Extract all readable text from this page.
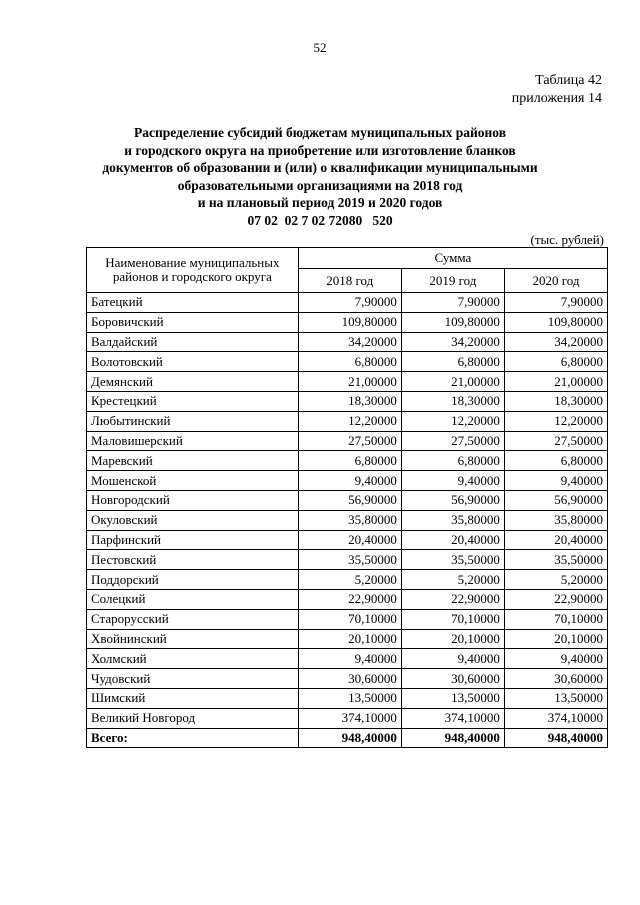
52
Таблица 42
приложения 14
Распределение субсидий бюджетам муниципальных районов
и городского округа на приобретение или изготовление бланков
документов об образовании и (или) о квалификации муниципальными
образовательными организациями на 2018 год
и на плановый период 2019 и 2020 годов
07 02  02 7 02 72080   520
(тыс. рублей)
Наименование муниципальных районов и городского округа	Сумма		
	2018 год	2019 год	2020 год
Батецкий	7,90000	7,90000	7,90000
Боровичский	109,80000	109,80000	109,80000
Валдайский	34,20000	34,20000	34,20000
Волотовский	6,80000	6,80000	6,80000
Демянский	21,00000	21,00000	21,00000
Крестецкий	18,30000	18,30000	18,30000
Любытинский	12,20000	12,20000	12,20000
Маловишерский	27,50000	27,50000	27,50000
Маревский	6,80000	6,80000	6,80000
Мошенской	9,40000	9,40000	9,40000
Новгородский	56,90000	56,90000	56,90000
Окуловский	35,80000	35,80000	35,80000
Парфинский	20,40000	20,40000	20,40000
Пестовский	35,50000	35,50000	35,50000
Поддорский	5,20000	5,20000	5,20000
Солецкий	22,90000	22,90000	22,90000
Старорусский	70,10000	70,10000	70,10000
Хвойнинский	20,10000	20,10000	20,10000
Холмский	9,40000	9,40000	9,40000
Чудовский	30,60000	30,60000	30,60000
Шимский	13,50000	13,50000	13,50000
Великий Новгород	374,10000	374,10000	374,10000
Всего:	948,40000	948,40000	948,40000
